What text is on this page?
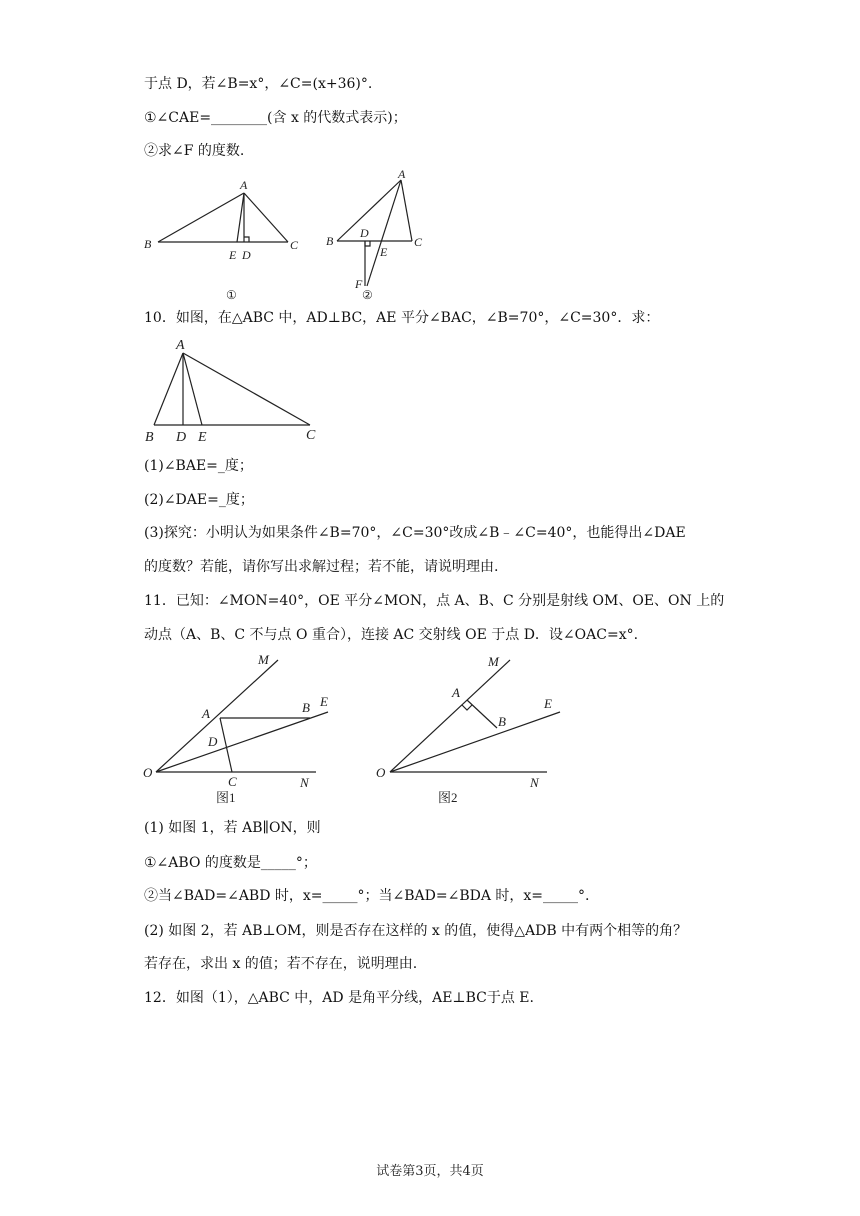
于点 D，若∠B=x°，∠C=(x+36)°.
①∠CAE=________(含 x 的代数式表示)；
②求∠F 的度数.
A
B	C
E D
①
A
B	C
D
E
F
②
10．如图，在△ABC 中，AD⊥BC，AE 平分∠BAC，∠B=70°，∠C=30°．求：
A
B D E	C
(1)∠BAE=_度；
(2)∠DAE=_度；
(3)探究：小明认为如果条件∠B=70°，∠C=30°改成∠B﹣∠C=40°，也能得出∠DAE
的度数？若能，请你写出求解过程；若不能，请说明理由.
11．已知：∠MON=40°，OE 平分∠MON，点 A、B、C 分别是射线 OM、OE、ON 上的
动点（A、B、C 不与点 O 重合），连接 AC 交射线 OE 于点 D．设∠OAC=x°.
M
E
A	B
D
O
C	N
图1
M
E
A
B
O
N
图2
(1) 如图 1，若 AB∥ON，则
①∠ABO 的度数是_____°；
②当∠BAD=∠ABD 时，x=_____°；当∠BAD=∠BDA 时，x=_____°.
(2) 如图 2，若 AB⊥OM，则是否存在这样的 x 的值，使得△ADB 中有两个相等的角？
若存在，求出 x 的值；若不存在，说明理由.
12．如图（1），△ABC 中，AD 是角平分线，AE⊥BC于点 E.
试卷第3页，共4页
